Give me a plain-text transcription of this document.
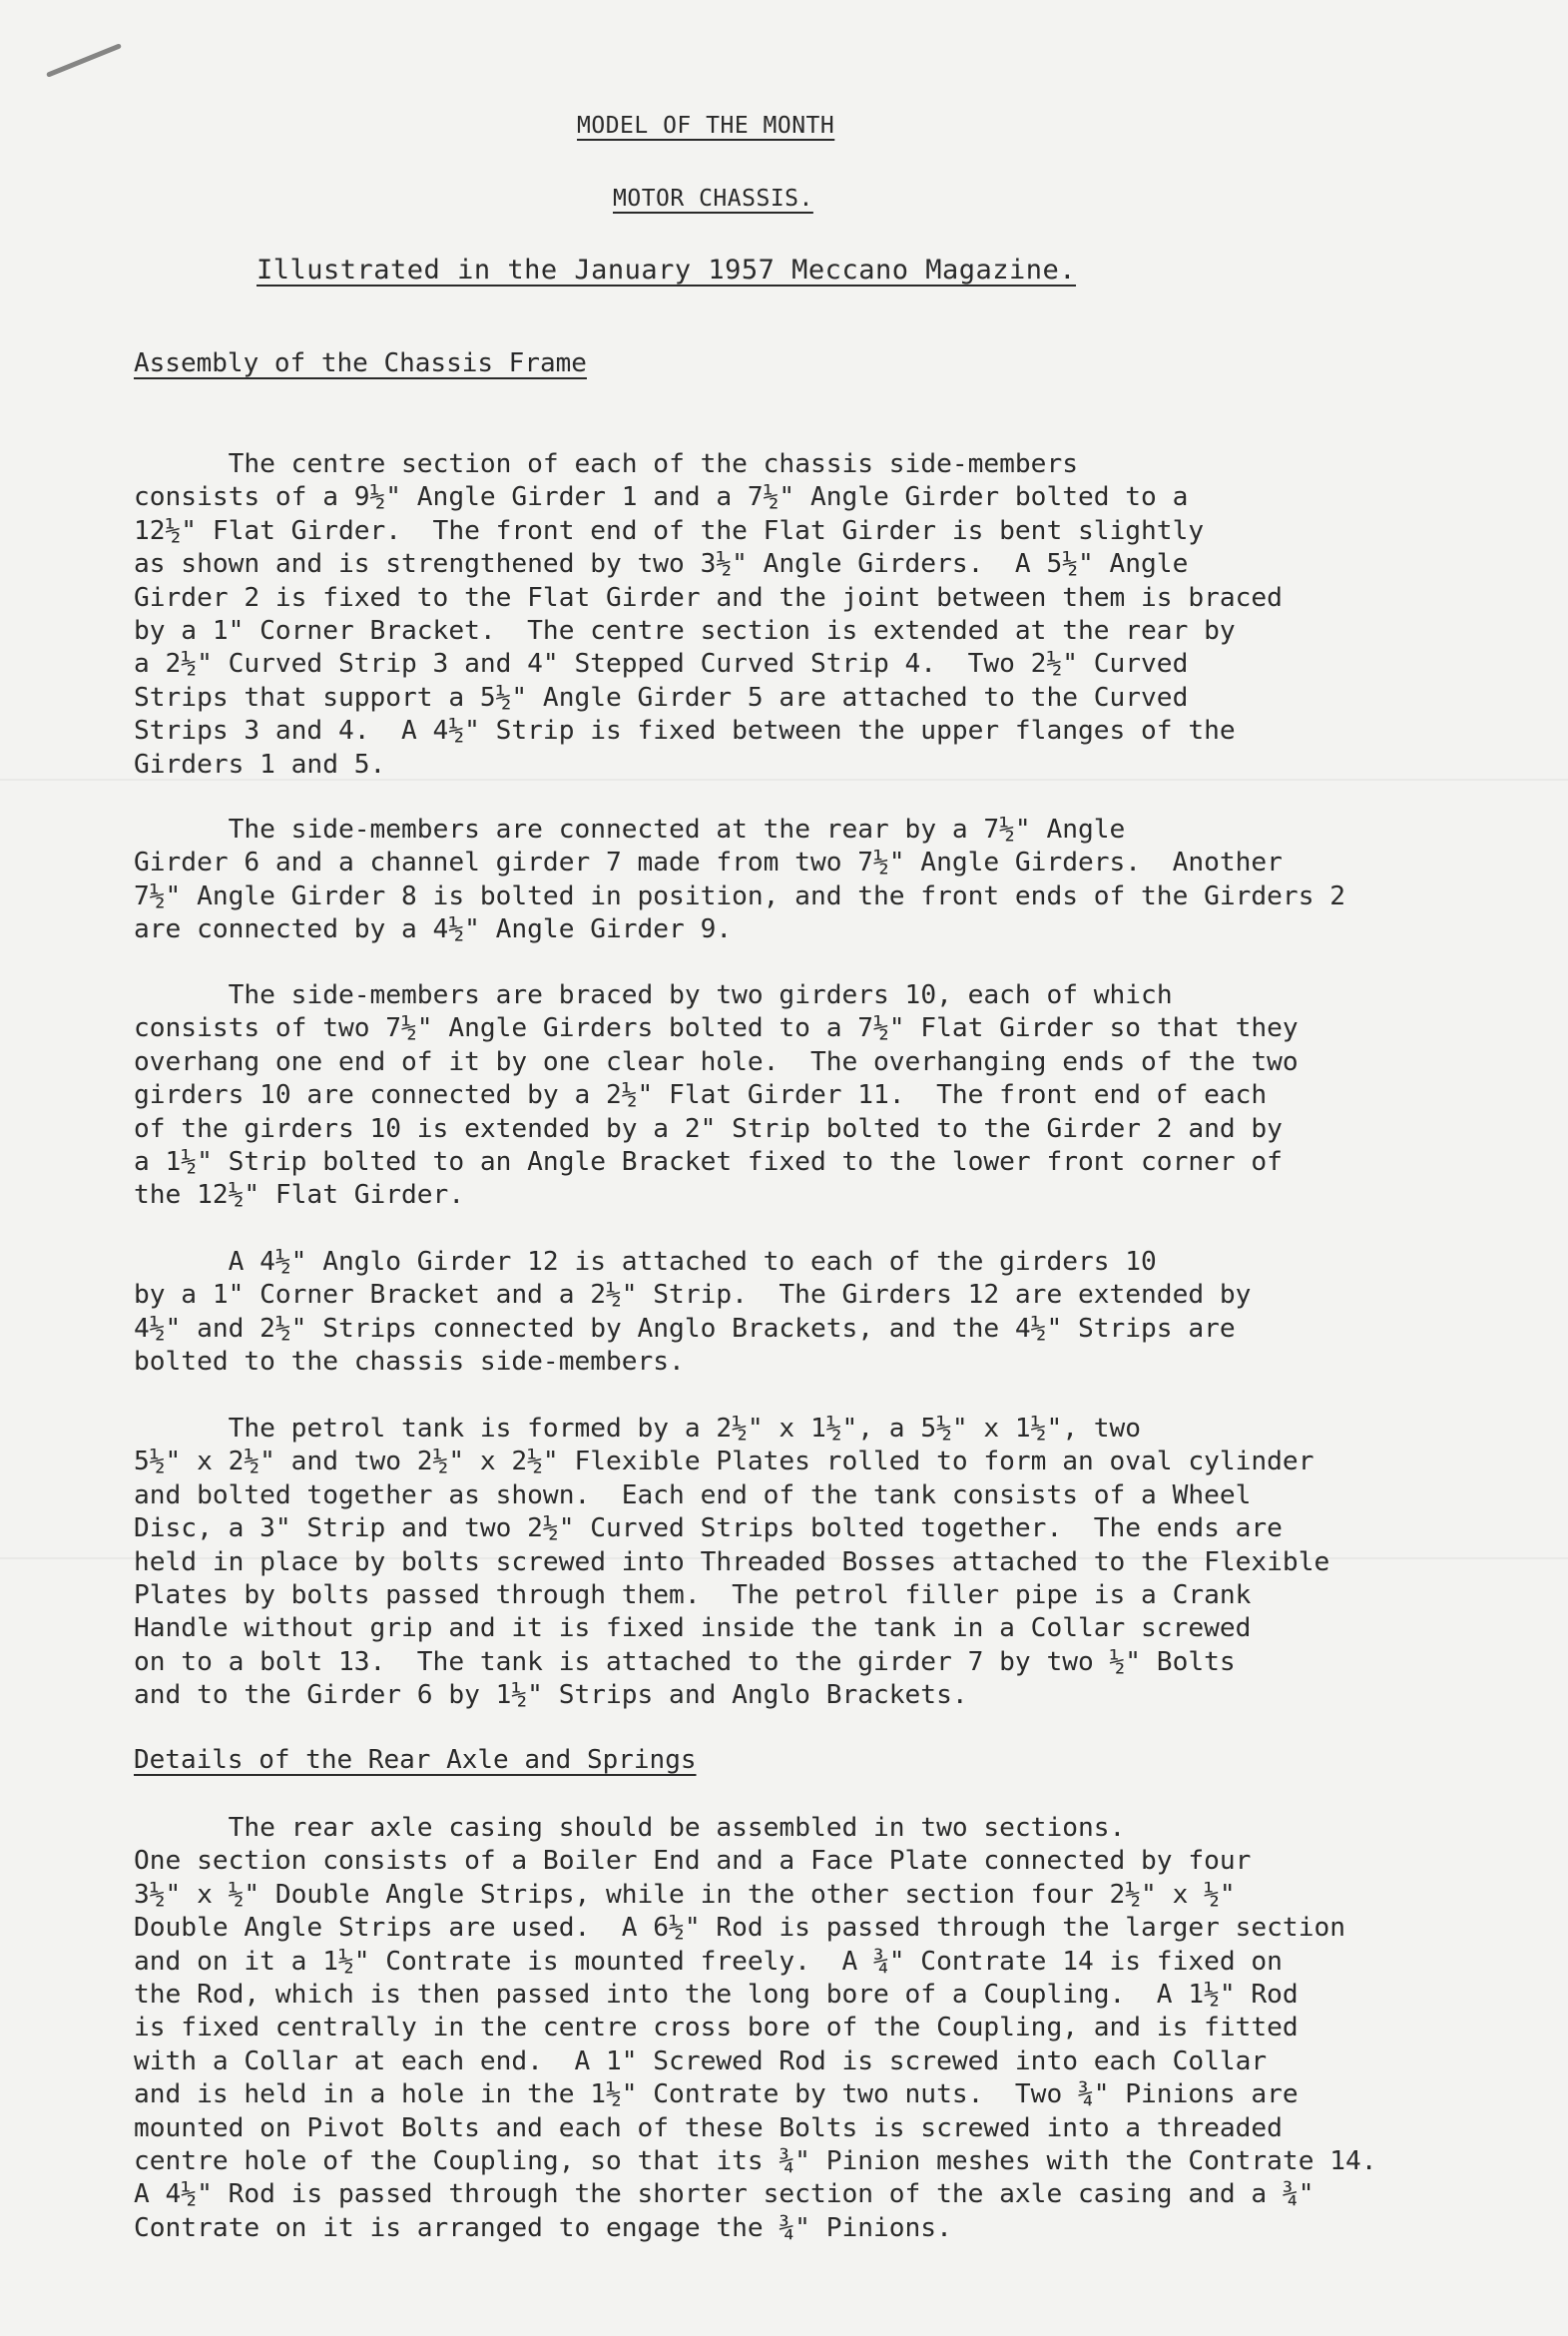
MODEL OF THE MONTH
MOTOR CHASSIS.
Illustrated in the January 1957 Meccano Magazine.
Assembly of the Chassis Frame

The centre section of each of the chassis side-members
consists of a 9½" Angle Girder 1 and a 7½" Angle Girder bolted to a
12½" Flat Girder.  The front end of the Flat Girder is bent slightly
as shown and is strengthened by two 3½" Angle Girders.  A 5½" Angle
Girder 2 is fixed to the Flat Girder and the joint between them is braced
by a 1" Corner Bracket.  The centre section is extended at the rear by
a 2½" Curved Strip 3 and 4" Stepped Curved Strip 4.  Two 2½" Curved
Strips that support a 5½" Angle Girder 5 are attached to the Curved
Strips 3 and 4.  A 4½" Strip is fixed between the upper flanges of the
Girders 1 and 5.

The side-members are connected at the rear by a 7½" Angle
Girder 6 and a channel girder 7 made from two 7½" Angle Girders.  Another
7½" Angle Girder 8 is bolted in position, and the front ends of the Girders 2
are connected by a 4½" Angle Girder 9.

The side-members are braced by two girders 10, each of which
consists of two 7½" Angle Girders bolted to a 7½" Flat Girder so that they
overhang one end of it by one clear hole.  The overhanging ends of the two
girders 10 are connected by a 2½" Flat Girder 11.  The front end of each
of the girders 10 is extended by a 2" Strip bolted to the Girder 2 and by
a 1½" Strip bolted to an Angle Bracket fixed to the lower front corner of
the 12½" Flat Girder.

A 4½" Anglo Girder 12 is attached to each of the girders 10
by a 1" Corner Bracket and a 2½" Strip.  The Girders 12 are extended by
4½" and 2½" Strips connected by Anglo Brackets, and the 4½" Strips are
bolted to the chassis side-members.

The petrol tank is formed by a 2½" x 1½", a 5½" x 1½", two
5½" x 2½" and two 2½" x 2½" Flexible Plates rolled to form an oval cylinder
and bolted together as shown.  Each end of the tank consists of a Wheel
Disc, a 3" Strip and two 2½" Curved Strips bolted together.  The ends are
held in place by bolts screwed into Threaded Bosses attached to the Flexible
Plates by bolts passed through them.  The petrol filler pipe is a Crank
Handle without grip and it is fixed inside the tank in a Collar screwed
on to a bolt 13.  The tank is attached to the girder 7 by two ½" Bolts
and to the Girder 6 by 1½" Strips and Anglo Brackets.

Details of the Rear Axle and Springs

The rear axle casing should be assembled in two sections.
One section consists of a Boiler End and a Face Plate connected by four
3½" x ½" Double Angle Strips, while in the other section four 2½" x ½"
Double Angle Strips are used.  A 6½" Rod is passed through the larger section
and on it a 1½" Contrate is mounted freely.  A ¾" Contrate 14 is fixed on
the Rod, which is then passed into the long bore of a Coupling.  A 1½" Rod
is fixed centrally in the centre cross bore of the Coupling, and is fitted
with a Collar at each end.  A 1" Screwed Rod is screwed into each Collar
and is held in a hole in the 1½" Contrate by two nuts.  Two ¾" Pinions are
mounted on Pivot Bolts and each of these Bolts is screwed into a threaded
centre hole of the Coupling, so that its ¾" Pinion meshes with the Contrate 14.
A 4½" Rod is passed through the shorter section of the axle casing and a ¾"
Contrate on it is arranged to engage the ¾" Pinions.
